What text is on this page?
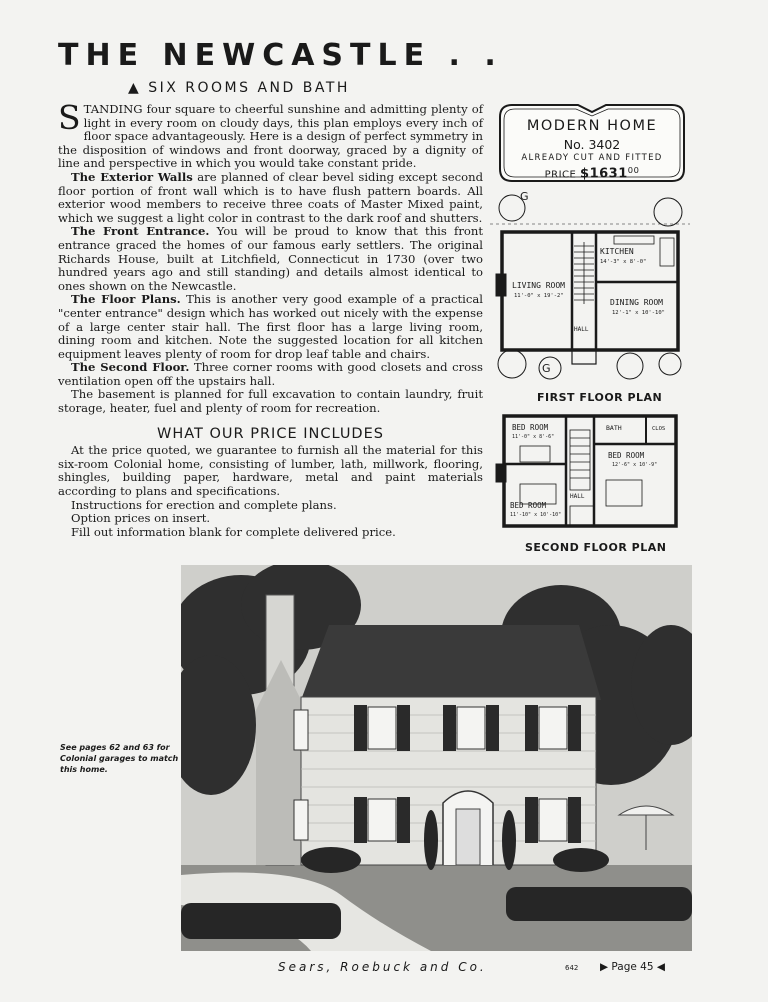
THE NEWCASTLE . .
▲ SIX ROOMS AND BATH

STANDING four square to cheerful sunshine and admitting plenty of light in every room on cloudy days, this plan employs every inch of floor space advantageously. Here is a design of perfect symmetry in the disposition of windows and front doorway, graced by a dignity of line and perspective in which you would take constant pride.

The Exterior Walls are planned of clear bevel siding except second floor portion of front wall which is to have flush pattern boards. All exterior wood members to receive three coats of Master Mixed paint, which we suggest a light color in contrast to the dark roof and shutters.

The Front Entrance. You will be proud to know that this front entrance graced the homes of our famous early settlers. The original Richards House, built at Litchfield, Connecticut in 1730 (over two hundred years ago and still standing) and details almost identical to ones shown on the Newcastle.

The Floor Plans. This is another very good example of a practical "center entrance" design which has worked out nicely with the expense of a large center stair hall. The first floor has a large living room, dining room and kitchen. Note the suggested location for all kitchen equipment leaves plenty of room for drop leaf table and chairs.

The Second Floor. Three corner rooms with good closets and cross ventilation open off the upstairs hall.

The basement is planned for full excavation to contain laundry, fruit storage, heater, fuel and plenty of room for recreation.

WHAT OUR PRICE INCLUDES

At the price quoted, we guarantee to furnish all the material for this six-room Colonial home, consisting of lumber, lath, millwork, flooring, shingles, building paper, hardware, metal and paint materials according to plans and specifications.

Instructions for erection and complete plans.

Option prices on insert.

Fill out information blank for complete delivered price.

MODERN HOME
No. 3402
ALREADY CUT AND FITTED
PRICE $1631$^{00}$
G
G
KITCHEN
14'-3" x 8'-0"
LIVING ROOM
11'-0" x 19'-2"
DINING ROOM
12'-1" x 10'-10"
HALL
FIRST FLOOR PLAN
BED ROOM
11'-0" x 8'-6"
BATH	CLOS
BED ROOM
12'-6" x 10'-9"
HALL
BED ROOM
11'-10" x 10'-10"
SECOND FLOOR PLAN
See pages 62 and 63 for Colonial garages to match this home.
Sears, Roebuck and Co.	642 ▶ Page 45 ◀
